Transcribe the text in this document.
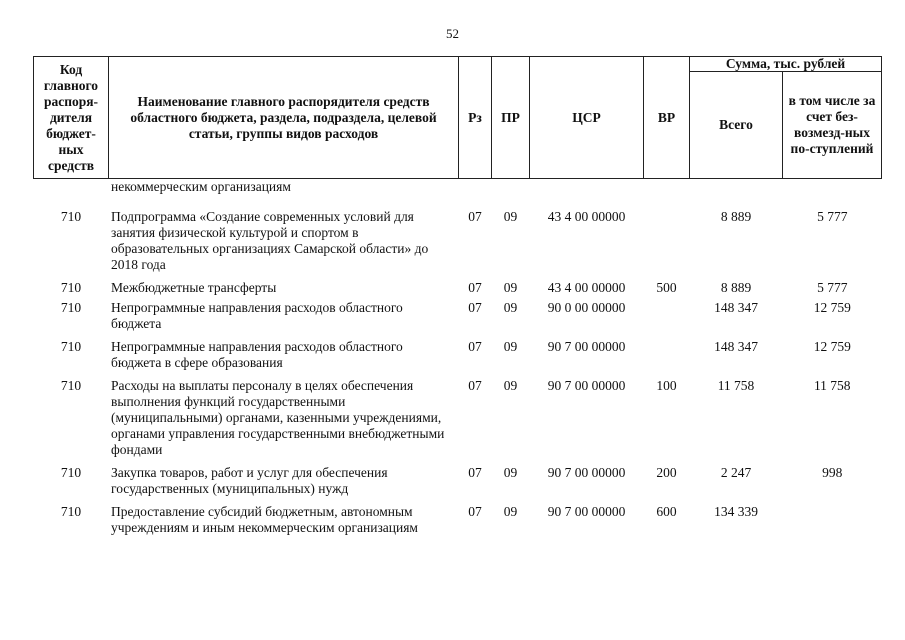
52
Код главного распоря-дителя бюджет-ных средств	Наименование главного распорядителя средств областного бюджета, раздела, подраздела, целевой статьи, группы видов расходов	Рз	ПР	ЦСР	ВР	Сумма, тыс. рублей	
						Всего	в том числе за счет без-возмезд-ных по-ступлений
	некоммерческим организациям						
710	Подпрограмма «Создание современных условий для занятия физической культурой и спортом в образовательных организациях Самарской области» до 2018 года	07	09	43 4 00 00000		8 889	5 777
710	Межбюджетные трансферты	07	09	43 4 00 00000	500	8 889	5 777
710	Непрограммные направления расходов областного бюджета	07	09	90 0 00 00000		148 347	12 759
710	Непрограммные направления расходов областного бюджета в сфере образования	07	09	90 7 00 00000		148 347	12 759
710	Расходы на выплаты персоналу в целях обеспечения выполнения функций государственными (муниципальными) органами, казенными учреждениями, органами управления государственными внебюджетными фондами	07	09	90 7 00 00000	100	11 758	11 758
710	Закупка товаров, работ и услуг для обеспечения государственных (муниципальных) нужд	07	09	90 7 00 00000	200	2 247	998
710	Предоставление субсидий бюджетным, автономным учреждениям и иным некоммерческим организациям	07	09	90 7 00 00000	600	134 339	
